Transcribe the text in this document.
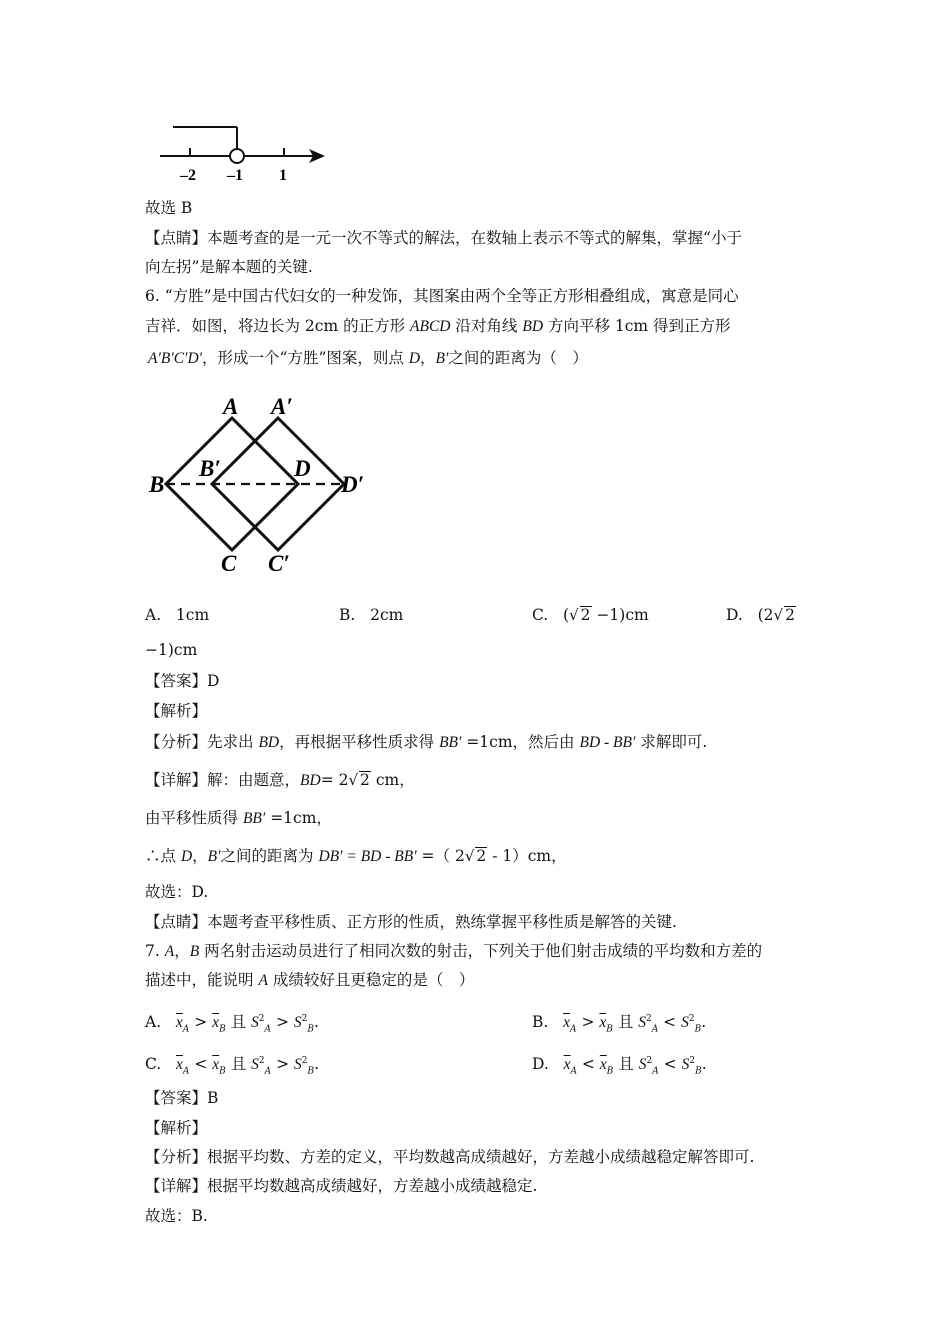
–2 –1 1
故选 B
【点睛】本题考查的是一元一次不等式的解法，在数轴上表示不等式的解集，掌握“小于
向左拐”是解本题的关键.
6. “方胜”是中国古代妇女的一种发饰，其图案由两个全等正方形相叠组成，寓意是同心
吉祥．如图，将边长为 2cm 的正方形 ABCD 沿对角线 BD 方向平移 1cm 得到正方形
A′B′C′D′，形成一个“方胜”图案，则点 D，B′之间的距离为（　）
A A′
B
B′	D
D′
C C′
A. 1cm	B. 2cm	C. (√ 2 −1)cm	D. (2√ 2
−1)cm
【答案】D
【解析】
【分析】先求出 BD，再根据平移性质求得 BB′ =1cm，然后由 BD - BB′ 求解即可.
【详解】解：由题意，BD= 2√ 2 cm，
由平移性质得 BB′ =1cm，
∴点 D，B′之间的距离为 DB′ = BD - BB′ =（ 2√ 2 - 1）cm，
故选：D.
【点睛】本题考查平移性质、正方形的性质，熟练掌握平移性质是解答的关键.
7. A，B 两名射击运动员进行了相同次数的射击，下列关于他们射击成绩的平均数和方差的
描述中，能说明 A 成绩较好且更稳定的是（　）
A. $\overline{x}_A > \overline{x}_B$ 且 $S^2_A > S^2_B$.	B. $\overline{x}_A > \overline{x}_B$ 且 $S^2_A < S^2_B$.
C. $\overline{x}_A < \overline{x}_B$ 且 $S^2_A > S^2_B$.	D. $\overline{x}_A < \overline{x}_B$ 且 $S^2_A < S^2_B$.
【答案】B
【解析】
【分析】根据平均数、方差的定义，平均数越高成绩越好，方差越小成绩越稳定解答即可.
【详解】根据平均数越高成绩越好，方差越小成绩越稳定.
故选：B.
